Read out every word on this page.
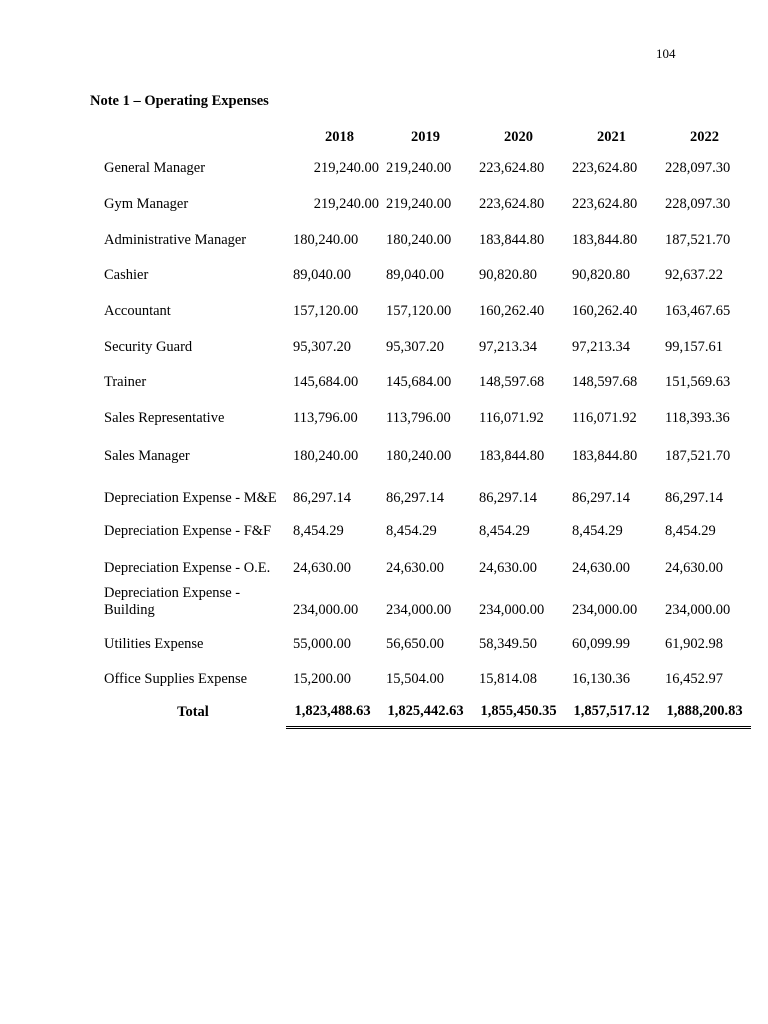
104
Note 1 – Operating Expenses
	2018	2019	2020	2021	2022
General Manager	219,240.00	219,240.00	223,624.80	223,624.80	228,097.30
Gym Manager	219,240.00	219,240.00	223,624.80	223,624.80	228,097.30
Administrative Manager	180,240.00	180,240.00	183,844.80	183,844.80	187,521.70
Cashier	89,040.00	89,040.00	90,820.80	90,820.80	92,637.22
Accountant	157,120.00	157,120.00	160,262.40	160,262.40	163,467.65
Security Guard	95,307.20	95,307.20	97,213.34	97,213.34	99,157.61
Trainer	145,684.00	145,684.00	148,597.68	148,597.68	151,569.63
Sales Representative	113,796.00	113,796.00	116,071.92	116,071.92	118,393.36
Sales Manager	180,240.00	180,240.00	183,844.80	183,844.80	187,521.70
Depreciation Expense - M&E	86,297.14	86,297.14	86,297.14	86,297.14	86,297.14
Depreciation Expense - F&F	8,454.29	8,454.29	8,454.29	8,454.29	8,454.29
Depreciation Expense - O.E.	24,630.00	24,630.00	24,630.00	24,630.00	24,630.00
Depreciation Expense - Building	234,000.00	234,000.00	234,000.00	234,000.00	234,000.00
Utilities Expense	55,000.00	56,650.00	58,349.50	60,099.99	61,902.98
Office Supplies Expense	15,200.00	15,504.00	15,814.08	16,130.36	16,452.97
Total	1,823,488.63	1,825,442.63	1,855,450.35	1,857,517.12	1,888,200.83
